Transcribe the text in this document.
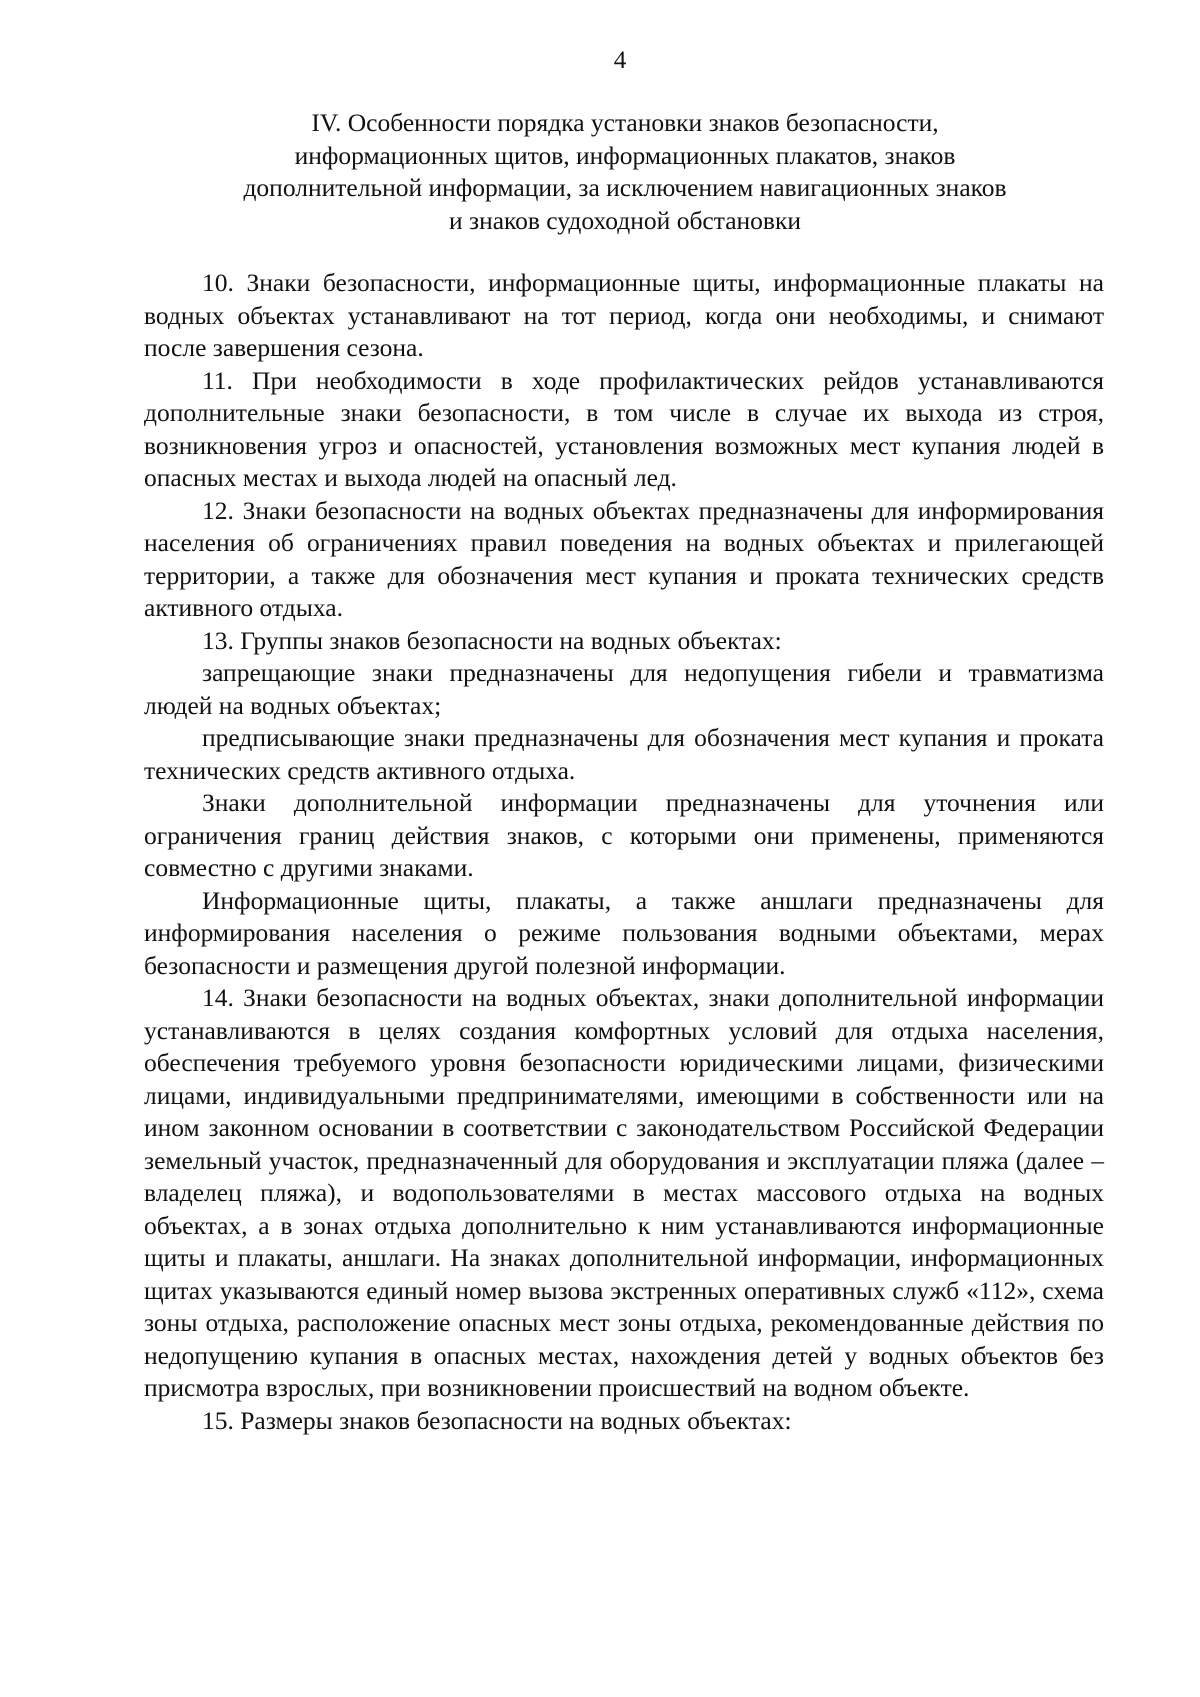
4
IV. Особенности порядка установки знаков безопасности,
информационных щитов, информационных плакатов, знаков
дополнительной информации, за исключением навигационных знаков
и знаков судоходной обстановки

10. Знаки безопасности, информационные щиты, информационные плакаты на водных объектах устанавливают на тот период, когда они необходимы, и снимают после завершения сезона.

11. При необходимости в ходе профилактических рейдов устанавливаются дополнительные знаки безопасности, в том числе в случае их выхода из строя, возникновения угроз и опасностей, установления возможных мест купания людей в опасных местах и выхода людей на опасный лед.

12. Знаки безопасности на водных объектах предназначены для информирования населения об ограничениях правил поведения на водных объектах и прилегающей территории, а также для обозначения мест купания и проката технических средств активного отдыха.

13. Группы знаков безопасности на водных объектах:

запрещающие знаки предназначены для недопущения гибели и травматизма людей на водных объектах;

предписывающие знаки предназначены для обозначения мест купания и проката технических средств активного отдыха.

Знаки дополнительной информации предназначены для уточнения или ограничения границ действия знаков, с которыми они применены, применяются совместно с другими знаками.

Информационные щиты, плакаты, а также аншлаги предназначены для информирования населения о режиме пользования водными объектами, мерах безопасности и размещения другой полезной информации.

14. Знаки безопасности на водных объектах, знаки дополнительной информации устанавливаются в целях создания комфортных условий для отдыха населения, обеспечения требуемого уровня безопасности юридическими лицами, физическими лицами, индивидуальными предпринимателями, имеющими в собственности или на ином законном основании в соответствии с законодательством Российской Федерации земельный участок, предназначенный для оборудования и эксплуатации пляжа (далее – владелец пляжа), и водопользователями в местах массового отдыха на водных объектах, а в зонах отдыха дополнительно к ним устанавливаются информационные щиты и плакаты, аншлаги. На знаках дополнительной информации, информационных щитах указываются единый номер вызова экстренных оперативных служб «112», схема зоны отдыха, расположение опасных мест зоны отдыха, рекомендованные действия по недопущению купания в опасных местах, нахождения детей у водных объектов без присмотра взрослых, при возникновении происшествий на водном объекте.

15. Размеры знаков безопасности на водных объектах:
